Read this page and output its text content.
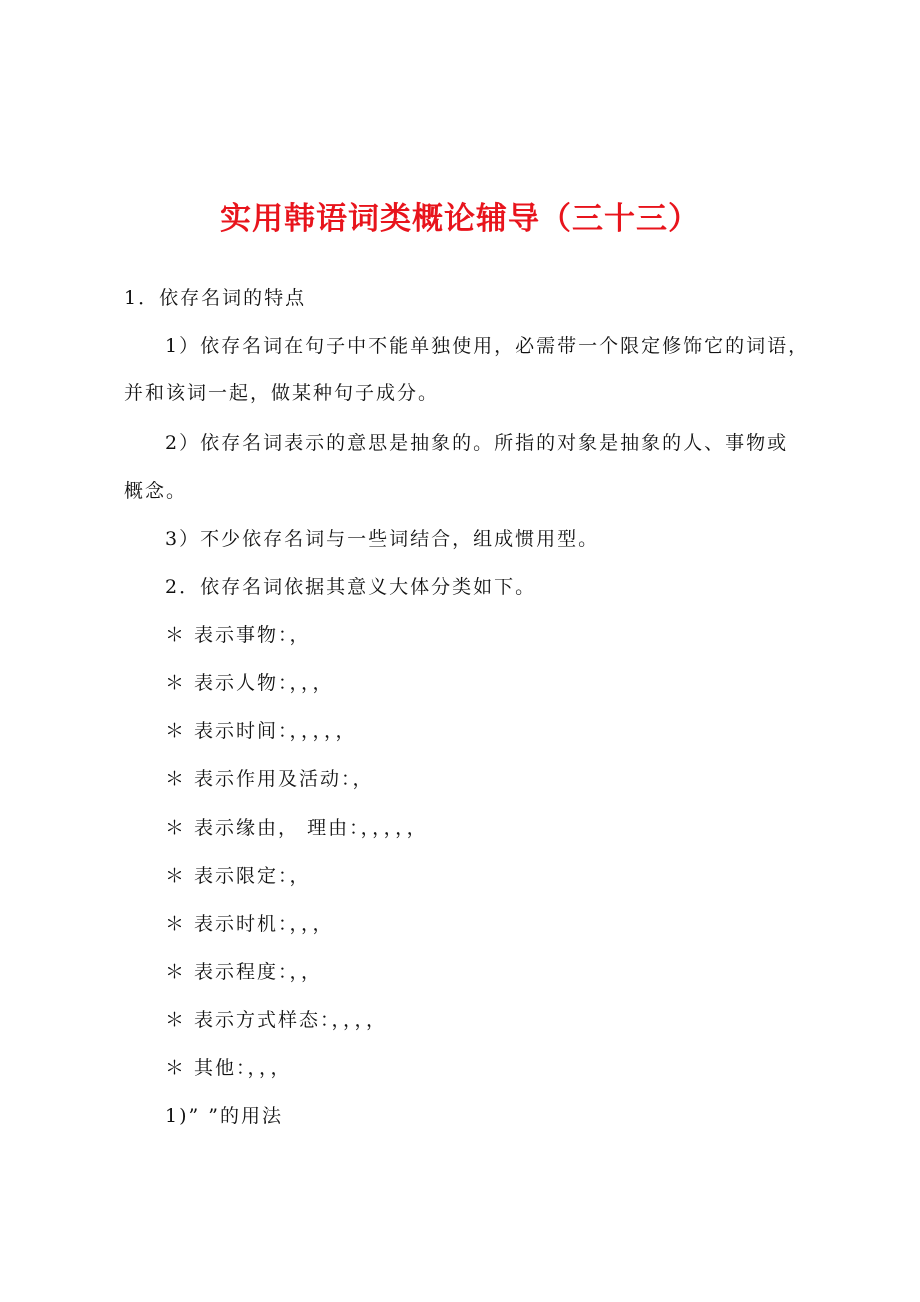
实用韩语词类概论辅导（三十三）
1．依存名词的特点
1）依存名词在句子中不能单独使用，必需带一个限定修饰它的词语，
并和该词一起，做某种句子成分。
2）依存名词表示的意思是抽象的。所指的对象是抽象的人、事物或
概念。
3）不少依存名词与一些词结合，组成惯用型。
2．依存名词依据其意义大体分类如下。
＊ 表示事物：，
＊ 表示人物：，，，
＊ 表示时间：，，，，，
＊ 表示作用及活动：，
＊ 表示缘由， 理由：，，，，，
＊ 表示限定：，
＊ 表示时机：，，，
＊ 表示程度：，，
＊ 表示方式样态：，，，，
＊ 其他：，，，
1)” ”的用法
